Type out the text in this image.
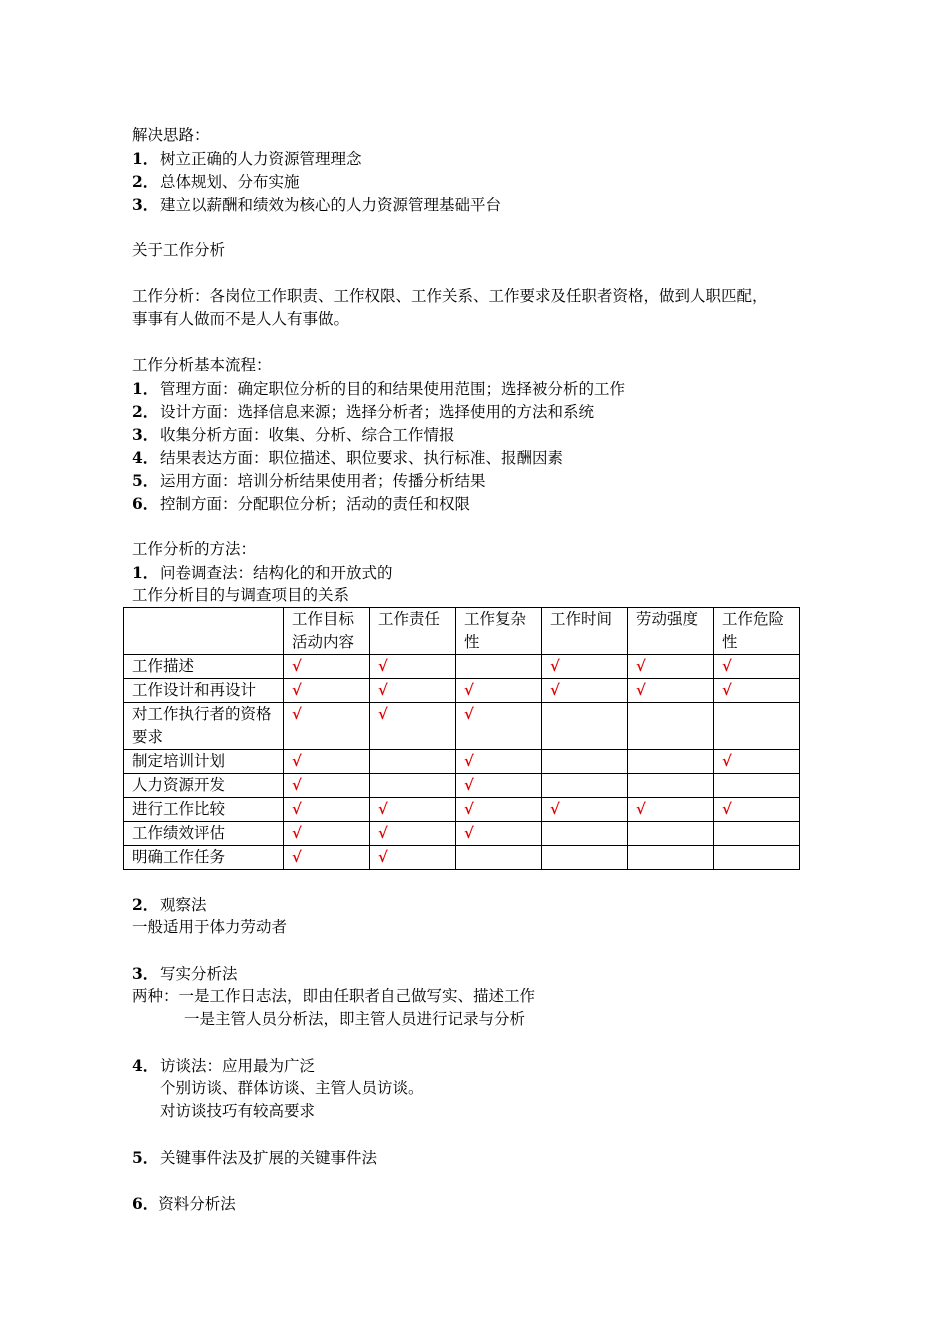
解决思路：
1． 树立正确的人力资源管理理念
2． 总体规划、分布实施
3． 建立以薪酬和绩效为核心的人力资源管理基础平台
关于工作分析
工作分析：各岗位工作职责、工作权限、工作关系、工作要求及任职者资格，做到人职匹配，
事事有人做而不是人人有事做。
工作分析基本流程：
1． 管理方面：确定职位分析的目的和结果使用范围；选择被分析的工作
2． 设计方面：选择信息来源；选择分析者；选择使用的方法和系统
3． 收集分析方面：收集、分析、综合工作情报
4． 结果表达方面：职位描述、职位要求、执行标准、报酬因素
5． 运用方面：培训分析结果使用者；传播分析结果
6． 控制方面：分配职位分析；活动的责任和权限
工作分析的方法：
1． 问卷调查法：结构化的和开放式的
工作分析目的与调查项目的关系
	工作目标活动内容	工作责任	工作复杂性	工作时间	劳动强度	工作危险性
工作描述	√	√		√	√	√
工作设计和再设计	√	√	√	√	√	√
对工作执行者的资格要求	√	√	√			
制定培训计划	√		√			√
人力资源开发	√		√			
进行工作比较	√	√	√	√	√	√
工作绩效评估	√	√	√			
明确工作任务	√	√				
2． 观察法
一般适用于体力劳动者
3． 写实分析法
两种：一是工作日志法，即由任职者自己做写实、描述工作
一是主管人员分析法，即主管人员进行记录与分析
4． 访谈法：应用最为广泛
个别访谈、群体访谈、主管人员访谈。
对访谈技巧有较高要求
5． 关键事件法及扩展的关键事件法
6．资料分析法
